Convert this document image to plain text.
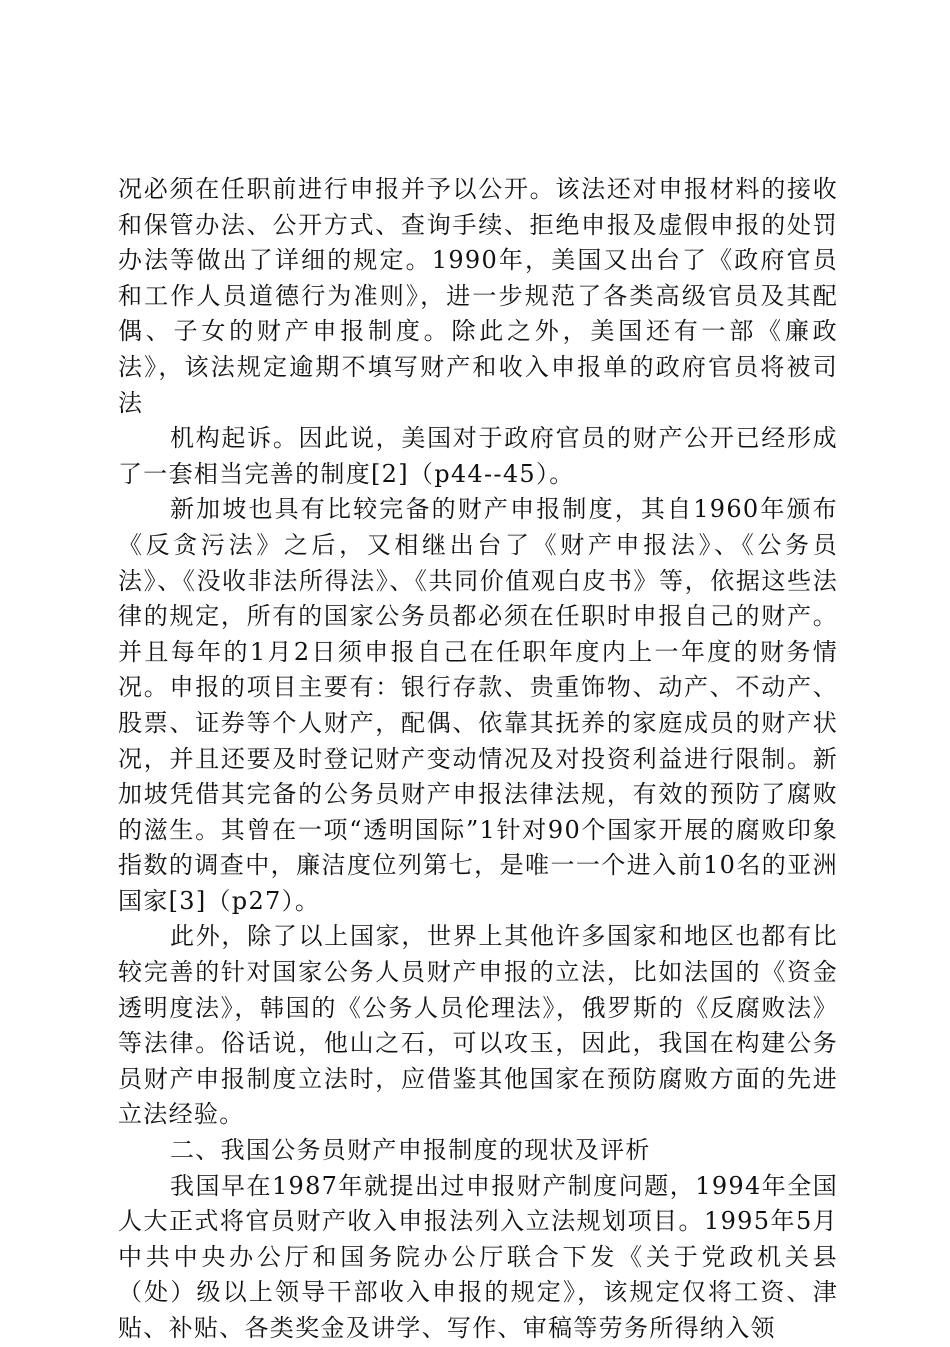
况必须在任职前进行申报并予以公开。该法还对申报材料的接收和保管办法、公开方式、查询手续、拒绝申报及虚假申报的处罚办法等做出了详细的规定。1990年，美国又出台了《政府官员和工作人员道德行为准则》，进一步规范了各类高级官员及其配偶、子女的财产申报制度。除此之外，美国还有一部《廉政法》，该法规定逾期不填写财产和收入申报单的政府官员将被司法

机构起诉。因此说，美国对于政府官员的财产公开已经形成了一套相当完善的制度[2]（p44--45）。

新加坡也具有比较完备的财产申报制度，其自1960年颁布《反贪污法》之后，又相继出台了《财产申报法》、《公务员法》、《没收非法所得法》、《共同价值观白皮书》等，依据这些法律的规定，所有的国家公务员都必须在任职时申报自己的财产。并且每年的1月2日须申报自己在任职年度内上一年度的财务情况。申报的项目主要有：银行存款、贵重饰物、动产、不动产、股票、证券等个人财产，配偶、依靠其抚养的家庭成员的财产状况，并且还要及时登记财产变动情况及对投资利益进行限制。新加坡凭借其完备的公务员财产申报法律法规，有效的预防了腐败的滋生。其曾在一项“透明国际”1针对90个国家开展的腐败印象指数的调查中，廉洁度位列第七，是唯一一个进入前10名的亚洲国家[3]（p27）。

此外，除了以上国家，世界上其他许多国家和地区也都有比较完善的针对国家公务人员财产申报的立法，比如法国的《资金透明度法》，韩国的《公务人员伦理法》，俄罗斯的《反腐败法》等法律。俗话说，他山之石，可以攻玉，因此，我国在构建公务员财产申报制度立法时，应借鉴其他国家在预防腐败方面的先进立法经验。

二、我国公务员财产申报制度的现状及评析

我国早在1987年就提出过申报财产制度问题，1994年全国人大正式将官员财产收入申报法列入立法规划项目。1995年5月中共中央办公厅和国务院办公厅联合下发《关于党政机关县（处）级以上领导干部收入申报的规定》，该规定仅将工资、津贴、补贴、各类奖金及讲学、写作、审稿等劳务所得纳入领
